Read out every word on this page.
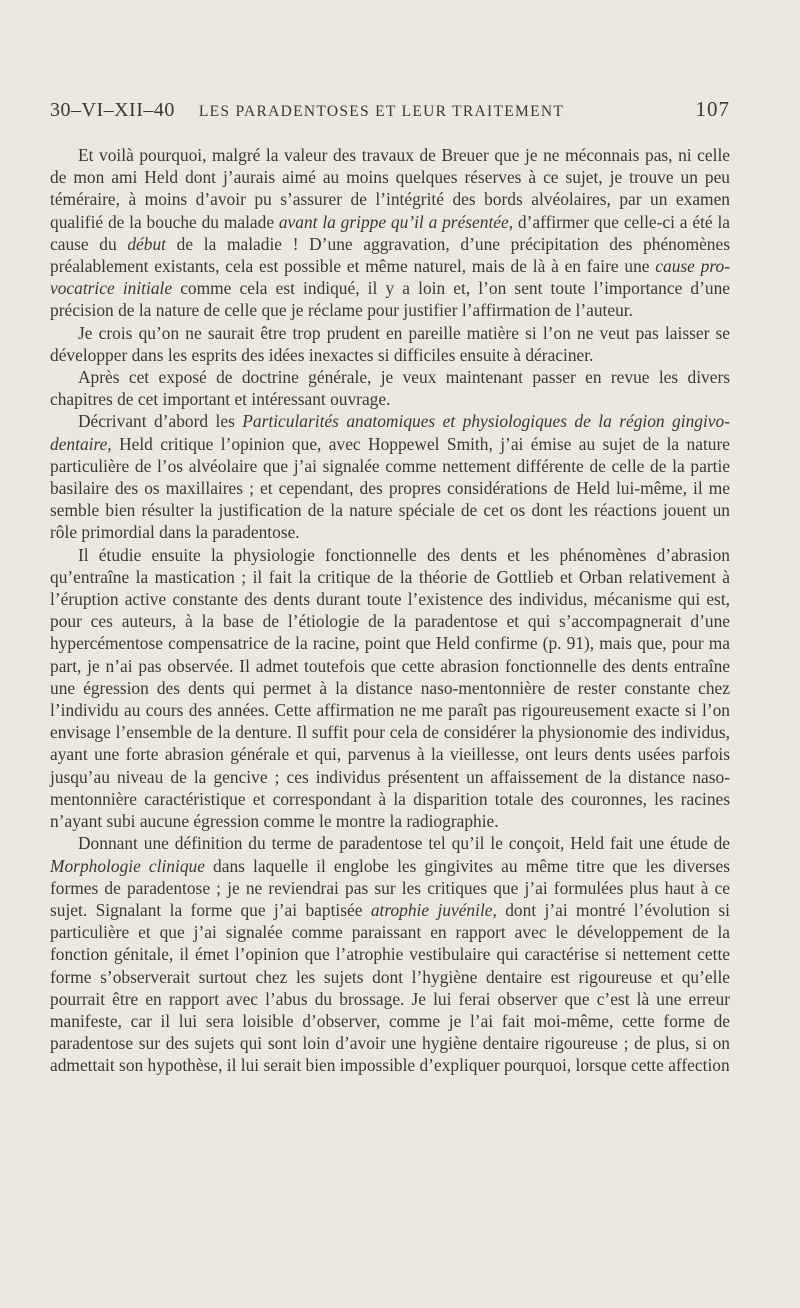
30–VI–XII–40 LES PARADENTOSES ET LEUR TRAITEMENT	107

Et voilà pourquoi, malgré la valeur des travaux de Breuer que je ne méconnais pas, ni celle de mon ami Held dont j’aurais aimé au moins quelques réserves à ce sujet, je trouve un peu téméraire, à moins d’avoir pu s’assurer de l’intégrité des bords alvéolaires, par un examen qualifié de la bouche du malade avant la grippe qu’il a présentée, d’affirmer que celle-ci a été la cause du début de la maladie ! D’une aggravation, d’une précipitation des phénomènes préalablement existants, cela est possible et même naturel, mais de là à en faire une cause provocatrice initiale comme cela est indiqué, il y a loin et, l’on sent toute l’importance d’une précision de la nature de celle que je réclame pour justifier l’affirmation de l’auteur.

Je crois qu’on ne saurait être trop prudent en pareille matière si l’on ne veut pas laisser se développer dans les esprits des idées inexactes si difficiles ensuite à déraciner.

Après cet exposé de doctrine générale, je veux maintenant passer en revue les divers chapitres de cet important et intéressant ouvrage.

Décrivant d’abord les Particularités anatomiques et physiologiques de la région gingivo-dentaire, Held critique l’opinion que, avec Hoppewel Smith, j’ai émise au sujet de la nature particulière de l’os alvéolaire que j’ai signalée comme nettement différente de celle de la partie basilaire des os maxillaires ; et cependant, des propres considérations de Held lui-même, il me semble bien résulter la justification de la nature spéciale de cet os dont les réactions jouent un rôle primordial dans la paradentose.

Il étudie ensuite la physiologie fonctionnelle des dents et les phénomènes d’abrasion qu’entraîne la mastication ; il fait la critique de la théorie de Gottlieb et Orban relativement à l’éruption active constante des dents durant toute l’existence des individus, mécanisme qui est, pour ces auteurs, à la base de l’étiologie de la paradentose et qui s’accompagnerait d’une hypercémentose compensatrice de la racine, point que Held confirme (p. 91), mais que, pour ma part, je n’ai pas observée. Il admet toutefois que cette abrasion fonctionnelle des dents entraîne une égression des dents qui permet à la distance naso-mentonnière de rester constante chez l’individu au cours des années. Cette affirmation ne me paraît pas rigoureusement exacte si l’on envisage l’ensemble de la denture. Il suffit pour cela de considérer la physionomie des individus, ayant une forte abrasion générale et qui, parvenus à la vieillesse, ont leurs dents usées parfois jusqu’au niveau de la gencive ; ces individus présentent un affaissement de la distance naso-mentonnière caractéristique et correspondant à la disparition totale des couronnes, les racines n’ayant subi aucune égression comme le montre la radiographie.

Donnant une définition du terme de paradentose tel qu’il le conçoit, Held fait une étude de Morphologie clinique dans laquelle il englobe les gingivites au même titre que les diverses formes de paradentose ; je ne reviendrai pas sur les critiques que j’ai formulées plus haut à ce sujet. Signalant la forme que j’ai baptisée atrophie juvénile, dont j’ai montré l’évolution si particulière et que j’ai signalée comme paraissant en rapport avec le développement de la fonction génitale, il émet l’opinion que l’atrophie vestibulaire qui caractérise si nettement cette forme s’observerait surtout chez les sujets dont l’hygiène dentaire est rigoureuse et qu’elle pourrait être en rapport avec l’abus du brossage. Je lui ferai observer que c’est là une erreur manifeste, car il lui sera loisible d’observer, comme je l’ai fait moi-même, cette forme de paradentose sur des sujets qui sont loin d’avoir une hygiène dentaire rigoureuse ; de plus, si on admettait son hypothèse, il lui serait bien impossible d’expliquer pourquoi, lorsque cette affection
